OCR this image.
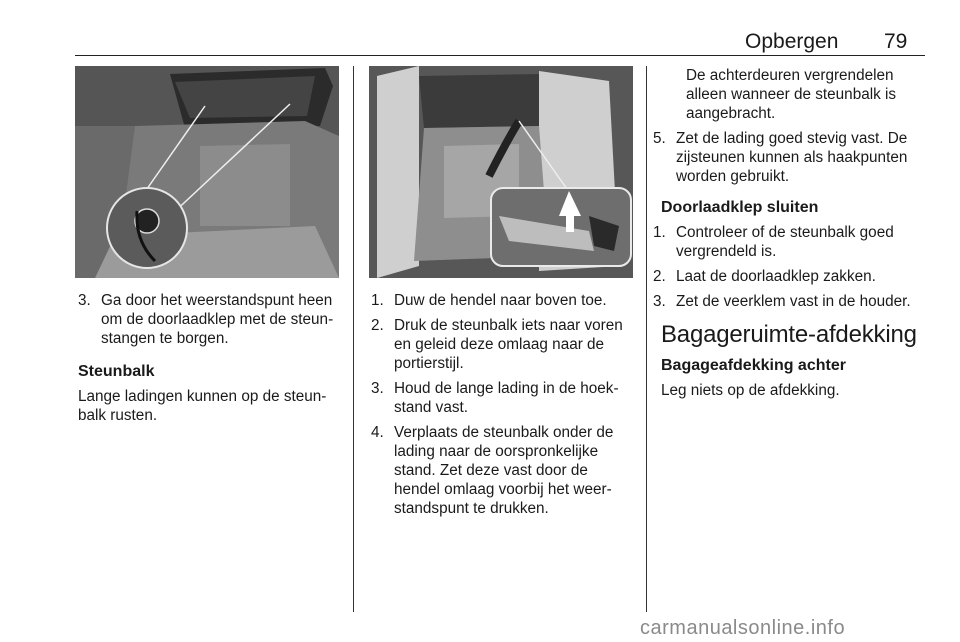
Opbergen 79
3. Ga door het weerstandspunt heen om de doorlaadklep met de steunstangen te borgen.
Steunbalk
Lange ladingen kunnen op de steunbalk rusten.
1. Duw de hendel naar boven toe.
2. Druk de steunbalk iets naar voren en geleid deze omlaag naar de portierstijl.
3. Houd de lange lading in de hoekstand vast.
4. Verplaats de steunbalk onder de lading naar de oorspronkelijke stand. Zet deze vast door de hendel omlaag voorbij het weerstandspunt te drukken.
De achterdeuren vergrendelen alleen wanneer de steunbalk is aangebracht.
5. Zet de lading goed stevig vast. De zijsteunen kunnen als haakpunten worden gebruikt.
Doorlaadklep sluiten
1. Controleer of de steunbalk goed vergrendeld is.
2. Laat de doorlaadklep zakken.
3. Zet de veerklem vast in de houder.
Bagageruimte-afdekking
Bagageafdekking achter
Leg niets op de afdekking.
carmanualsonline.info
